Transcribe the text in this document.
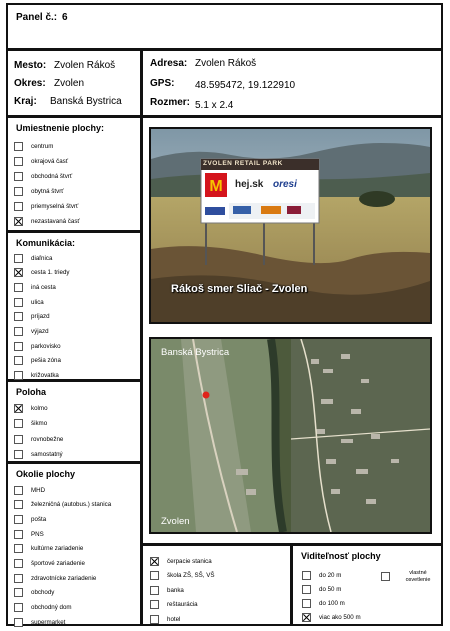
Panel č.: 6
Mesto: Zvolen Rákoš
Okres: Zvolen
Kraj: Banská Bystrica
Adresa: Zvolen Rákoš
GPS: 48.595472, 19.122910
Rozmer: 5.1 x 2.4
Umiestnenie plochy:
centrum
okrajová časť
obchodná štvrť
obytná štvrť
priemyselná štvrť
nezastavaná časť
Komunikácia:
diaľnica
cesta 1. triedy
iná cesta
ulica
príjazd
výjazd
parkovisko
pešia zóna
križovatka
Poloha
kolmo
šikmo
rovnobežne
samostatný
Okolie plochy
MHD
železničná (autobus.) stanica
pošta
PNS
kultúrne zariadenie
športové zariadenie
zdravotnícke zariadenie
obchody
obchodný dom
supermarket
čerpacie stanica
škola ZŠ, SŠ, VŠ
banka
reštaurácia
hotel
Viditeľnosť plochy
do 20 m
do 50 m
do 100 m
viac ako 500 m
vlastné osvetlenie
M
ZVOLEN RETAIL PARK
hej.sk oresi
Rákoš smer Sliač - Zvolen
Banská Bystrica
Zvolen
